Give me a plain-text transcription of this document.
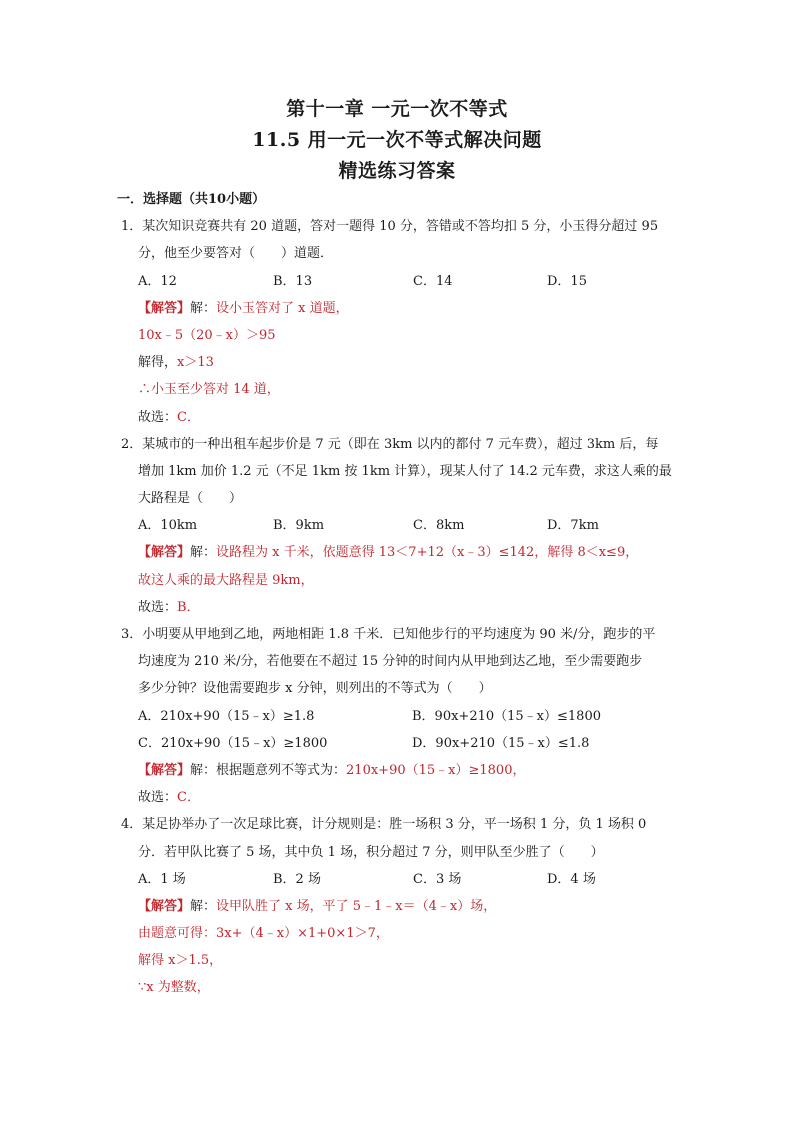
第十一章 一元一次不等式
11.5 用一元一次不等式解决问题
精选练习答案
一．选择题（共10小题）
1．某次知识竞赛共有 20 道题，答对一题得 10 分，答错或不答均扣 5 分，小玉得分超过 95
分，他至少要答对（　　）道题．
A．12	B．13	C．14	D．15
【解答】解：设小玉答对了 x 道题，
10x﹣5（20﹣x）＞95
解得，x＞13
∴小玉至少答对 14 道，
故选：C．
2．某城市的一种出租车起步价是 7 元（即在 3km 以内的都付 7 元车费），超过 3km 后，每
增加 1km 加价 1.2 元（不足 1km 按 1km 计算），现某人付了 14.2 元车费，求这人乘的最
大路程是（　　）
A．10km	B．9km	C．8km	D．7km
【解答】解：设路程为 x 千米，依题意得 13＜7+12（x﹣3）≤142，解得 8＜x≤9，
故这人乘的最大路程是 9km，
故选：B．
3．小明要从甲地到乙地，两地相距 1.8 千米．已知他步行的平均速度为 90 米/分，跑步的平
均速度为 210 米/分，若他要在不超过 15 分钟的时间内从甲地到达乙地，至少需要跑步
多少分钟？设他需要跑步 x 分钟，则列出的不等式为（　　）
A．210x+90（15﹣x）≥1.8	B．90x+210（15﹣x）≤1800
C．210x+90（15﹣x）≥1800	D．90x+210（15﹣x）≤1.8
【解答】解：根据题意列不等式为：210x+90（15﹣x）≥1800，
故选：C．
4．某足协举办了一次足球比赛，计分规则是：胜一场积 3 分，平一场积 1 分，负 1 场积 0
分．若甲队比赛了 5 场，其中负 1 场，积分超过 7 分，则甲队至少胜了（　　）
A．1 场	B．2 场	C．3 场	D．4 场
【解答】解：设甲队胜了 x 场，平了 5﹣1﹣x＝（4﹣x）场，
由题意可得：3x+（4﹣x）×1+0×1＞7，
解得 x＞1.5，
∵x 为整数，
